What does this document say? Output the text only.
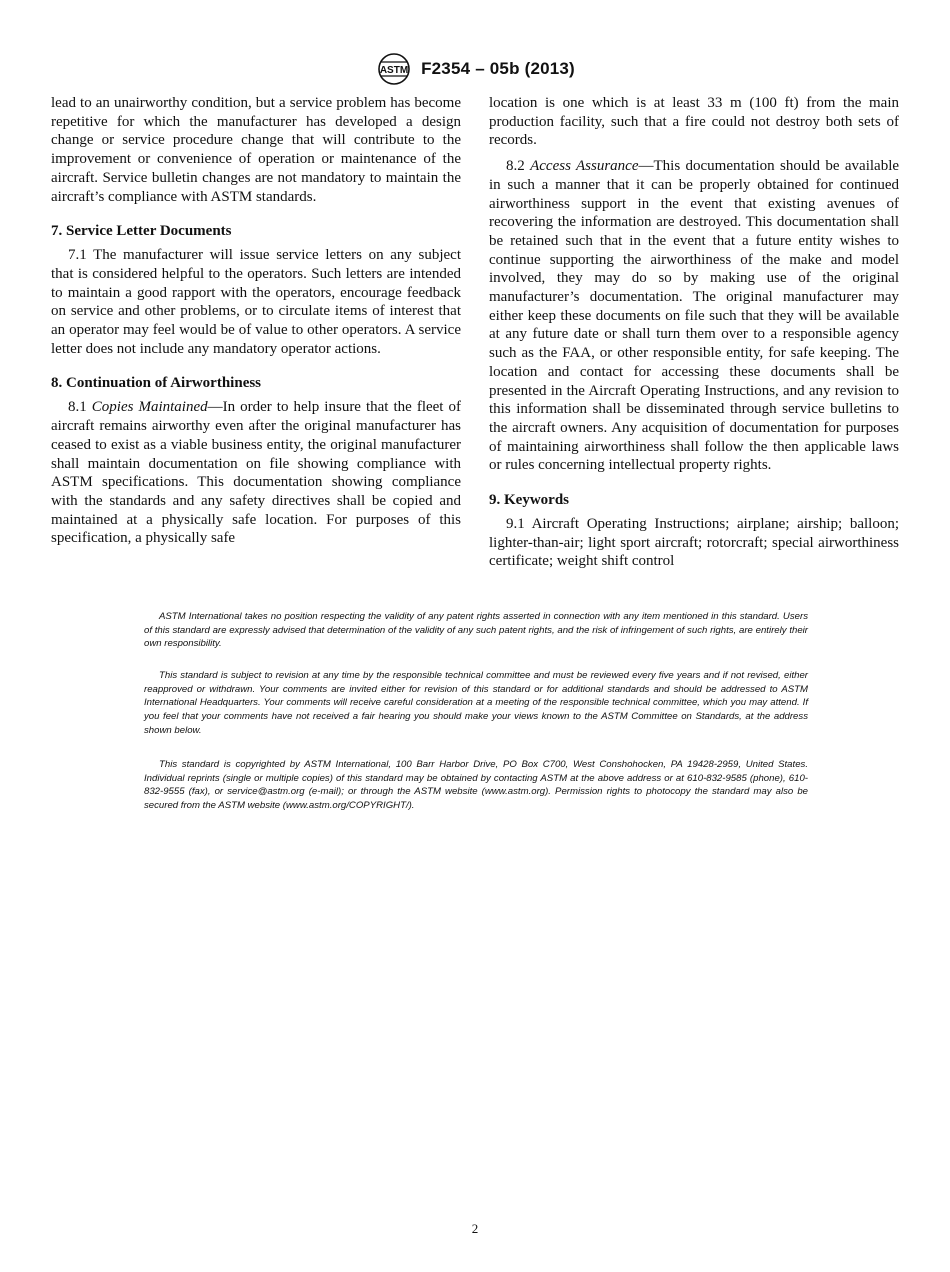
ASTM F2354 – 05b (2013)

lead to an unairworthy condition, but a service problem has become repetitive for which the manufacturer has developed a design change or service procedure change that will contribute to the improvement or convenience of operation or maintenance of the aircraft. Service bulletin changes are not mandatory to maintain the aircraft’s compliance with ASTM standards.

7. Service Letter Documents

7.1 The manufacturer will issue service letters on any subject that is considered helpful to the operators. Such letters are intended to maintain a good rapport with the operators, encourage feedback on service and other problems, or to circulate items of interest that an operator may feel would be of value to other operators. A service letter does not include any mandatory operator actions.

8. Continuation of Airworthiness

8.1 Copies Maintained—In order to help insure that the fleet of aircraft remains airworthy even after the original manufacturer has ceased to exist as a viable business entity, the original manufacturer shall maintain documentation on file showing compliance with ASTM specifications. This documentation showing compliance with the standards and any safety directives shall be copied and maintained at a physically safe location. For purposes of this specification, a physically safe

location is one which is at least 33 m (100 ft) from the main production facility, such that a fire could not destroy both sets of records.

8.2 Access Assurance—This documentation should be available in such a manner that it can be properly obtained for continued airworthiness support in the event that existing avenues of recovering the information are destroyed. This documentation shall be retained such that in the event that a future entity wishes to continue supporting the airworthiness of the make and model involved, they may do so by making use of the original manufacturer’s documentation. The original manufacturer may either keep these documents on file such that they will be available at any future date or shall turn them over to a responsible agency such as the FAA, or other responsible entity, for safe keeping. The location and contact for accessing these documents shall be presented in the Aircraft Operating Instructions, and any revision to this information shall be disseminated through service bulletins to the aircraft owners. Any acquisition of documentation for purposes of maintaining airworthiness shall follow the then applicable laws or rules concerning intellectual property rights.

9. Keywords

9.1 Aircraft Operating Instructions; airplane; airship; balloon; lighter-than-air; light sport aircraft; rotorcraft; special airworthiness certificate; weight shift control

ASTM International takes no position respecting the validity of any patent rights asserted in connection with any item mentioned in this standard. Users of this standard are expressly advised that determination of the validity of any such patent rights, and the risk of infringement of such rights, are entirely their own responsibility.

This standard is subject to revision at any time by the responsible technical committee and must be reviewed every five years and if not revised, either reapproved or withdrawn. Your comments are invited either for revision of this standard or for additional standards and should be addressed to ASTM International Headquarters. Your comments will receive careful consideration at a meeting of the responsible technical committee, which you may attend. If you feel that your comments have not received a fair hearing you should make your views known to the ASTM Committee on Standards, at the address shown below.

This standard is copyrighted by ASTM International, 100 Barr Harbor Drive, PO Box C700, West Conshohocken, PA 19428-2959, United States. Individual reprints (single or multiple copies) of this standard may be obtained by contacting ASTM at the above address or at 610-832-9585 (phone), 610-832-9555 (fax), or service@astm.org (e-mail); or through the ASTM website (www.astm.org). Permission rights to photocopy the standard may also be secured from the ASTM website (www.astm.org/COPYRIGHT/).

2
